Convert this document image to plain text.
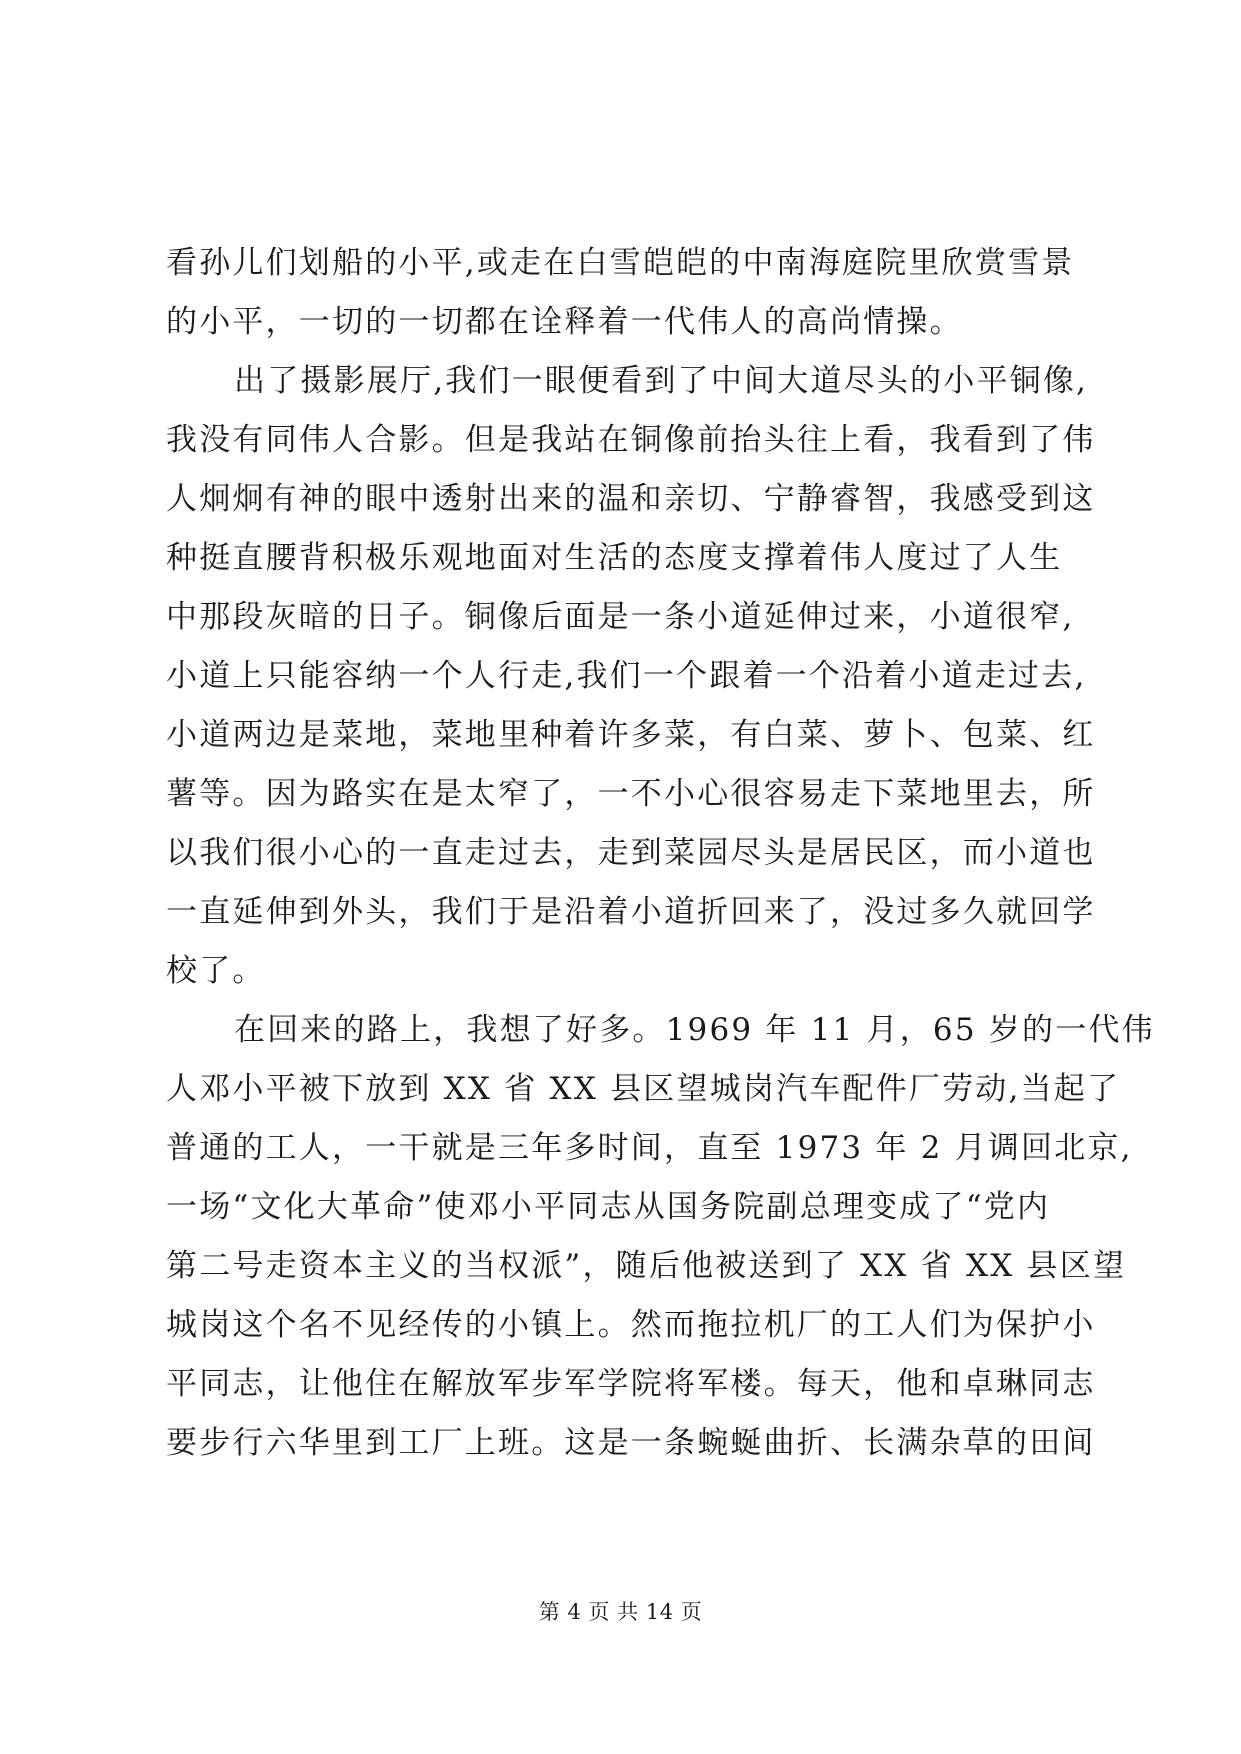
看孙儿们划船的小平,或走在白雪皑皑的中南海庭院里欣赏雪景
的小平，一切的一切都在诠释着一代伟人的高尚情操。
出了摄影展厅,我们一眼便看到了中间大道尽头的小平铜像,
我没有同伟人合影。但是我站在铜像前抬头往上看，我看到了伟
人炯炯有神的眼中透射出来的温和亲切、宁静睿智，我感受到这
种挺直腰背积极乐观地面对生活的态度支撑着伟人度过了人生
中那段灰暗的日子。铜像后面是一条小道延伸过来，小道很窄,
小道上只能容纳一个人行走,我们一个跟着一个沿着小道走过去,
小道两边是菜地，菜地里种着许多菜，有白菜、萝卜、包菜、红
薯等。因为路实在是太窄了，一不小心很容易走下菜地里去，所
以我们很小心的一直走过去，走到菜园尽头是居民区，而小道也
一直延伸到外头，我们于是沿着小道折回来了，没过多久就回学
校了。
在回来的路上，我想了好多。1969 年 11 月，65 岁的一代伟
人邓小平被下放到 XX 省 XX 县区望城岗汽车配件厂劳动,当起了
普通的工人，一干就是三年多时间，直至 1973 年 2 月调回北京,
一场“文化大革命”使邓小平同志从国务院副总理变成了“党内
第二号走资本主义的当权派”，随后他被送到了 XX 省 XX 县区望
城岗这个名不见经传的小镇上。然而拖拉机厂的工人们为保护小
平同志，让他住在解放军步军学院将军楼。每天，他和卓琳同志
要步行六华里到工厂上班。这是一条蜿蜒曲折、长满杂草的田间
第 4 页 共 14 页
